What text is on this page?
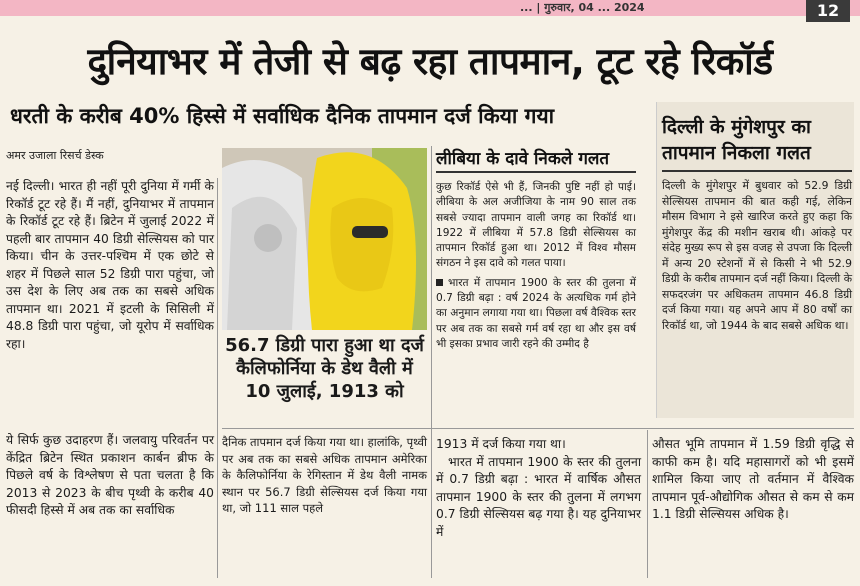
... | गुरुवार, 04 ... 2024	12
दुनियाभर में तेजी से बढ़ रहा तापमान, टूट रहे रिकॉर्ड
धरती के करीब 40% हिस्से में सर्वाधिक दैनिक तापमान दर्ज किया गया
अमर उजाला रिसर्च डेस्क

नई दिल्ली। भारत ही नहीं पूरी दुनिया में गर्मी के रिकॉर्ड टूट रहे हैं। मैं नहीं, दुनियाभर में तापमान के रिकॉर्ड टूट रहे हैं। ब्रिटेन में जुलाई 2022 में पहली बार तापमान 40 डिग्री सेल्सियस को पार किया। चीन के उत्तर-पश्चिम में एक छोटे से शहर में पिछले साल 52 डिग्री पारा पहुंचा, जो उस देश के लिए अब तक का सबसे अधिक तापमान था। 2021 में इटली के सिसिली में 48.8 डिग्री पारा पहुंचा, जो यूरोप में सर्वाधिक रहा।

ये सिर्फ कुछ उदाहरण हैं। जलवायु परिवर्तन पर केंद्रित ब्रिटेन स्थित प्रकाशन कार्बन ब्रीफ के पिछले वर्ष के विश्लेषण से पता चलता है कि 2013 से 2023 के बीच पृथ्वी के करीब 40 फीसदी हिस्से में अब तक का सर्वाधिक

56.7 डिग्री पारा हुआ था दर्ज कैलिफोर्निया के डेथ वैली में 10 जुलाई, 1913 को
दैनिक तापमान दर्ज किया गया था। हालांकि, पृथ्वी पर अब तक का सबसे अधिक तापमान अमेरिका के कैलिफोर्निया के रेगिस्तान में डेथ वैली नामक स्थान पर 56.7 डिग्री सेल्सियस दर्ज किया गया था, जो 111 साल पहले
लीबिया के दावे निकले गलत

कुछ रिकॉर्ड ऐसे भी हैं, जिनकी पुष्टि नहीं हो पाई। लीबिया के अल अजीजिया के नाम 90 साल तक सबसे ज्यादा तापमान वाली जगह का रिकॉर्ड था। 1922 में लीबिया में 57.8 डिग्री सेल्सियस का तापमान रिकॉर्ड हुआ था। 2012 में विश्व मौसम संगठन ने इस दावे को गलत पाया।

भारत में तापमान 1900 के स्तर की तुलना में 0.7 डिग्री बढ़ा : वर्ष 2024 के अत्यधिक गर्म होने का अनुमान लगाया गया था। पिछला वर्ष वैश्विक स्तर पर अब तक का सबसे गर्म वर्ष रहा था और इस वर्ष भी इसका प्रभाव जारी रहने की उम्मीद है

1913 में दर्ज किया गया था।

भारत में तापमान 1900 के स्तर की तुलना में 0.7 डिग्री बढ़ा : भारत में वार्षिक औसत तापमान 1900 के स्तर की तुलना में लगभग 0.7 डिग्री सेल्सियस बढ़ गया है। यह दुनियाभर में

दिल्ली के मुंगेशपुर का तापमान निकला गलत
दिल्ली के मुंगेशपुर में बुधवार को 52.9 डिग्री सेल्सियस तापमान की बात कही गई, लेकिन मौसम विभाग ने इसे खारिज करते हुए कहा कि मुंगेशपुर केंद्र की मशीन खराब थी। आंकड़े पर संदेह मुख्य रूप से इस वजह से उपजा कि दिल्ली में अन्य 20 स्टेशनों में से किसी ने भी 52.9 डिग्री के करीब तापमान दर्ज नहीं किया। दिल्ली के सफदरजंग पर अधिकतम तापमान 46.8 डिग्री दर्ज किया गया। यह अपने आप में 80 वर्षों का रिकॉर्ड था, जो 1944 के बाद सबसे अधिक था।
औसत भूमि तापमान में 1.59 डिग्री वृद्धि से काफी कम है। यदि महासागरों को भी इसमें शामिल किया जाए तो वर्तमान में वैश्विक तापमान पूर्व-औद्योगिक औसत से कम से कम 1.1 डिग्री सेल्सियस अधिक है।
